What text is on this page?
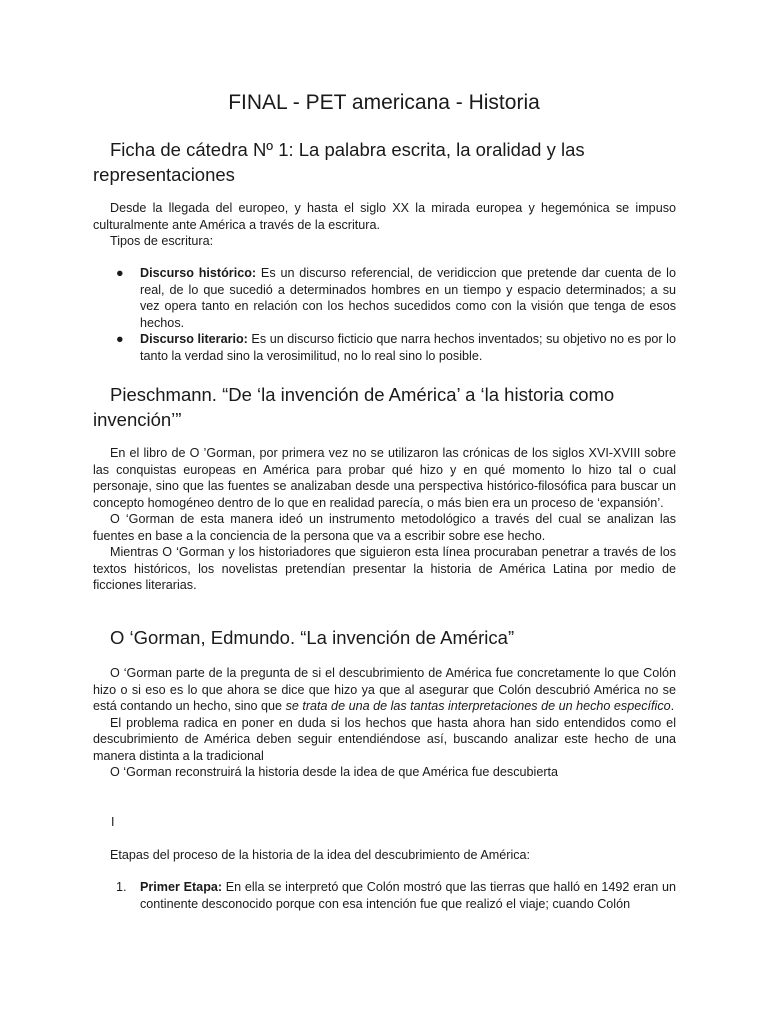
FINAL - PET americana - Historia
Ficha de cátedra Nº 1: La palabra escrita, la oralidad y las
representaciones

Desde la llegada del europeo, y hasta el siglo XX la mirada europea y hegemónica se impuso culturalmente ante América a través de la escritura.

Tipos de escritura:

● Discurso histórico: Es un discurso referencial, de veridiccion que pretende dar cuenta de lo real, de lo que sucedió a determinados hombres en un tiempo y espacio determinados; a su vez opera tanto en relación con los hechos sucedidos como con la visión que tenga de esos hechos.
● Discurso literario: Es un discurso ficticio que narra hechos inventados; su objetivo no es por lo tanto la verdad sino la verosimilitud, no lo real sino lo posible.
Pieschmann. “De ‘la invención de América’ a ‘la historia como
invención’”

En el libro de O ’Gorman, por primera vez no se utilizaron las crónicas de los siglos XVI-XVIII sobre las conquistas europeas en América para probar qué hizo y en qué momento lo hizo tal o cual personaje, sino que las fuentes se analizaban desde una perspectiva histórico-filosófica para buscar un concepto homogéneo dentro de lo que en realidad parecía, o más bien era un proceso de ‘expansión’.

O ‘Gorman de esta manera ideó un instrumento metodológico a través del cual se analizan las fuentes en base a la conciencia de la persona que va a escribir sobre ese hecho.

Mientras O ‘Gorman y los historiadores que siguieron esta línea procuraban penetrar a través de los textos históricos, los novelistas pretendían presentar la historia de América Latina por medio de ficciones literarias.

O ‘Gorman, Edmundo. “La invención de América”

O ‘Gorman parte de la pregunta de si el descubrimiento de América fue concretamente lo que Colón hizo o si eso es lo que ahora se dice que hizo ya que al asegurar que Colón descubrió América no se está contando un hecho, sino que se trata de una de las tantas interpretaciones de un hecho específico.

El problema radica en poner en duda si los hechos que hasta ahora han sido entendidos como el descubrimiento de América deben seguir entendiéndose así, buscando analizar este hecho de una manera distinta a la tradicional

O ‘Gorman reconstruirá la historia desde la idea de que América fue descubierta

I
Etapas del proceso de la historia de la idea del descubrimiento de América:
1. Primer Etapa: En ella se interpretó que Colón mostró que las tierras que halló en 1492 eran un continente desconocido porque con esa intención fue que realizó el viaje; cuando Colón
